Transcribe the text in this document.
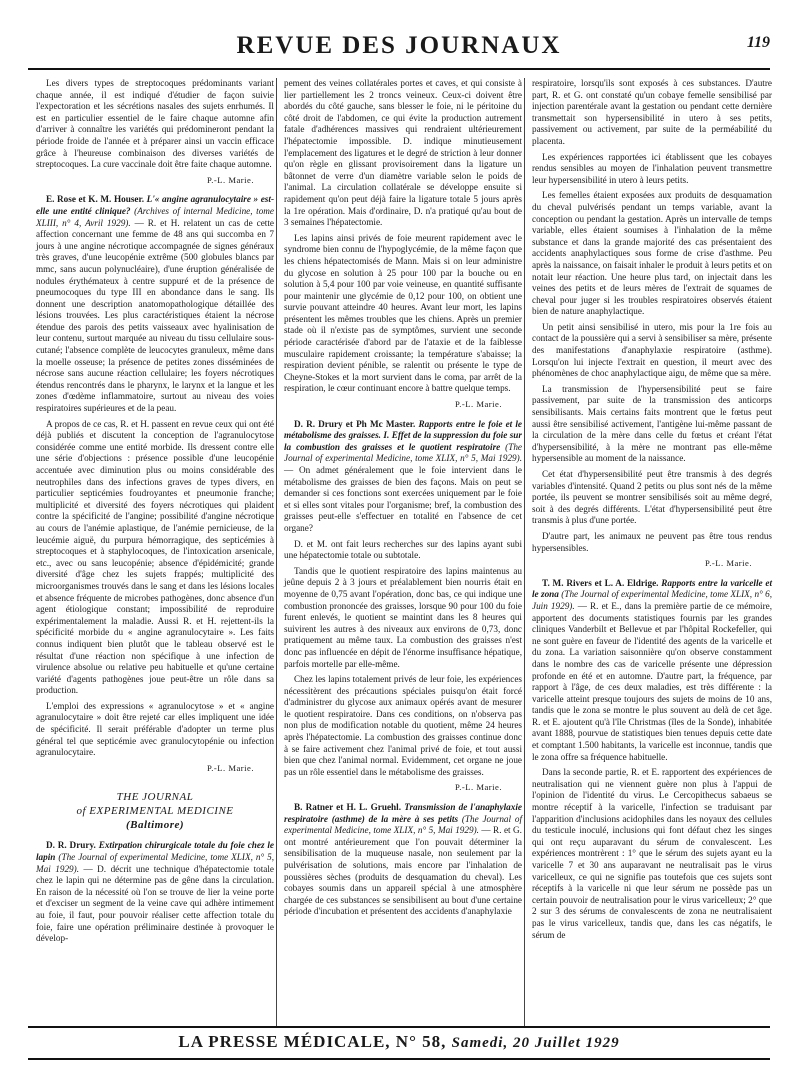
REVUE DES JOURNAUX	119

Les divers types de streptocoques prédominants variant chaque année, il est indiqué d'étudier de façon suivie l'expectoration et les sécrétions nasales des sujets enrhumés. Il est en particulier essentiel de le faire chaque automne afin d'arriver à connaître les variétés qui prédomineront pendant la période froide de l'année et à préparer ainsi un vaccin efficace grâce à l'heureuse combinaison des diverses variétés de streptocoques. La cure vaccinale doit être faite chaque automne.

P.-L. Marie.

E. Rose et K. M. Houser. L'« angine agranulocytaire » est-elle une entité clinique? (Archives of internal Medicine, tome XLIII, n° 4, Avril 1929). — R. et H. relatent un cas de cette affection concernant une femme de 48 ans qui succomba en 7 jours à une angine nécrotique accompagnée de signes généraux très graves, d'une leucopénie extrême (500 globules blancs par mmc, sans aucun polynucléaire), d'une éruption généralisée de nodules érythémateux à centre suppuré et de la présence de pneumocoques du type III en abondance dans le sang. Ils donnent une description anatomopathologique détaillée des lésions trouvées. Les plus caractéristiques étaient la nécrose étendue des parois des petits vaisseaux avec hyalinisation de leur contenu, surtout marquée au niveau du tissu cellulaire sous-cutané; l'absence complète de leucocytes granuleux, même dans la moelle osseuse; la présence de petites zones disséminées de nécrose sans aucune réaction cellulaire; les foyers nécrotiques étendus rencontrés dans le pharynx, le larynx et la langue et les zones d'œdème inflammatoire, surtout au niveau des voies respiratoires supérieures et de la peau.

A propos de ce cas, R. et H. passent en revue ceux qui ont été déjà publiés et discutent la conception de l'agranulocytose considérée comme une entité morbide. Ils dressent contre elle une série d'objections : présence possible d'une leucopénie accentuée avec diminution plus ou moins considérable des neutrophiles dans des infections graves de types divers, en particulier septicémies foudroyantes et pneumonie franche; multiplicité et diversité des foyers nécrotiques qui plaident contre la spécificité de l'angine; possibilité d'angine nécrotique au cours de l'anémie aplastique, de l'anémie pernicieuse, de la leucémie aiguë, du purpura hémorragique, des septicémies à streptocoques et à staphylocoques, de l'intoxication arsenicale, etc., avec ou sans leucopénie; absence d'épidémicité; grande diversité d'âge chez les sujets frappés; multiplicité des microorganismes trouvés dans le sang et dans les lésions locales et absence fréquente de microbes pathogènes, donc absence d'un agent étiologique constant; impossibilité de reproduire expérimentalement la maladie. Aussi R. et H. rejettent-ils la spécificité morbide du « angine agranulocytaire ». Les faits connus indiquent bien plutôt que le tableau observé est le résultat d'une réaction non spécifique à une infection de virulence absolue ou relative peu habituelle et qu'une certaine variété d'agents pathogènes joue peut-être un rôle dans sa production.

L'emploi des expressions « agranulocytose » et « angine agranulocytaire » doit être rejeté car elles impliquent une idée de spécificité. Il serait préférable d'adopter un terme plus général tel que septicémie avec granulocytopénie ou infection agranulocytaire.

P.-L. Marie.
THE JOURNAL
of EXPERIMENTAL MEDICINE
(Baltimore)

D. R. Drury. Extirpation chirurgicale totale du foie chez le lapin (The Journal of experimental Medicine, tome XLIX, n° 5, Mai 1929). — D. décrit une technique d'hépatectomie totale chez le lapin qui ne détermine pas de gêne dans la circulation. En raison de la nécessité où l'on se trouve de lier la veine porte et d'exciser un segment de la veine cave qui adhère intimement au foie, il faut, pour pouvoir réaliser cette affection totale du foie, faire une opération préliminaire destinée à provoquer le dévelop-

pement des veines collatérales portes et caves, et qui consiste à lier partiellement les 2 troncs veineux. Ceux-ci doivent être abordés du côté gauche, sans blesser le foie, ni le péritoine du côté droit de l'abdomen, ce qui évite la production autrement fatale d'adhérences massives qui rendraient ultérieurement l'hépatectomie impossible. D. indique minutieusement l'emplacement des ligatures et le degré de striction à leur donner qu'on règle en glissant provisoirement dans la ligature un bâtonnet de verre d'un diamètre variable selon le poids de l'animal. La circulation collatérale se développe ensuite si rapidement qu'on peut déjà faire la ligature totale 5 jours après la 1re opération. Mais d'ordinaire, D. n'a pratiqué qu'au bout de 3 semaines l'hépatectomie.

Les lapins ainsi privés de foie meurent rapidement avec le syndrome bien connu de l'hypoglycémie, de la même façon que les chiens hépatectomisés de Mann. Mais si on leur administre du glycose en solution à 25 pour 100 par la bouche ou en solution à 5,4 pour 100 par voie veineuse, en quantité suffisante pour maintenir une glycémie de 0,12 pour 100, on obtient une survie pouvant atteindre 40 heures. Avant leur mort, les lapins présentent les mêmes troubles que les chiens. Après un premier stade où il n'existe pas de symptômes, survient une seconde période caractérisée d'abord par de l'ataxie et de la faiblesse musculaire rapidement croissante; la température s'abaisse; la respiration devient pénible, se ralentit ou présente le type de Cheyne-Stokes et la mort survient dans le coma, par arrêt de la respiration, le cœur continuant encore à battre quelque temps.

P.-L. Marie.

D. R. Drury et Ph Mc Master. Rapports entre le foie et le métabolisme des graisses. I. Effet de la suppression du foie sur la combustion des graisses et le quotient respiratoire (The Journal of experimental Medicine, tome XLIX, n° 5, Mai 1929). — On admet généralement que le foie intervient dans le métabolisme des graisses de bien des façons. Mais on peut se demander si ces fonctions sont exercées uniquement par le foie et si elles sont vitales pour l'organisme; bref, la combustion des graisses peut-elle s'effectuer en totalité en l'absence de cet organe?

D. et M. ont fait leurs recherches sur des lapins ayant subi une hépatectomie totale ou subtotale.

Tandis que le quotient respiratoire des lapins maintenus au jeûne depuis 2 à 3 jours et préalablement bien nourris était en moyenne de 0,75 avant l'opération, donc bas, ce qui indique une combustion prononcée des graisses, lorsque 90 pour 100 du foie furent enlevés, le quotient se maintint dans les 8 heures qui suivirent les autres à des niveaux aux environs de 0,73, donc pratiquement au même taux. La combustion des graisses n'est donc pas influencée en dépit de l'énorme insuffisance hépatique, parfois mortelle par elle-même.

Chez les lapins totalement privés de leur foie, les expériences nécessitèrent des précautions spéciales puisqu'on était forcé d'administrer du glycose aux animaux opérés avant de mesurer le quotient respiratoire. Dans ces conditions, on n'observa pas non plus de modification notable du quotient, même 24 heures après l'hépatectomie. La combustion des graisses continue donc à se faire activement chez l'animal privé de foie, et tout aussi bien que chez l'animal normal. Evidemment, cet organe ne joue pas un rôle essentiel dans le métabolisme des graisses.

P.-L. Marie.

B. Ratner et H. L. Gruehl. Transmission de l'anaphylaxie respiratoire (asthme) de la mère à ses petits (The Journal of experimental Medicine, tome XLIX, n° 5, Mai 1929). — R. et G. ont montré antérieurement que l'on pouvait déterminer la sensibilisation de la muqueuse nasale, non seulement par la pulvérisation de solutions, mais encore par l'inhalation de poussières sèches (produits de desquamation du cheval). Les cobayes soumis dans un appareil spécial à une atmosphère chargée de ces substances se sensibilisent au bout d'une certaine période d'incubation et présentent des accidents d'anaphylaxie

respiratoire, lorsqu'ils sont exposés à ces substances. D'autre part, R. et G. ont constaté qu'un cobaye femelle sensibilisé par injection parentérale avant la gestation ou pendant cette dernière transmettait son hypersensibilité in utero à ses petits, passivement ou activement, par suite de la perméabilité du placenta.

Les expériences rapportées ici établissent que les cobayes rendus sensibles au moyen de l'inhalation peuvent transmettre leur hypersensibilité in utero à leurs petits.

Les femelles étaient exposées aux produits de desquamation du cheval pulvérisés pendant un temps variable, avant la conception ou pendant la gestation. Après un intervalle de temps variable, elles étaient soumises à l'inhalation de la même substance et dans la grande majorité des cas présentaient des accidents anaphylactiques sous forme de crise d'asthme. Peu après la naissance, on faisait inhaler le produit à leurs petits et on notait leur réaction. Une heure plus tard, on injectait dans les veines des petits et de leurs mères de l'extrait de squames de cheval pour juger si les troubles respiratoires observés étaient bien de nature anaphylactique.

Un petit ainsi sensibilisé in utero, mis pour la 1re fois au contact de la poussière qui a servi à sensibiliser sa mère, présente des manifestations d'anaphylaxie respiratoire (asthme). Lorsqu'on lui injecte l'extrait en question, il meurt avec des phénomènes de choc anaphylactique aigu, de même que sa mère.

La transmission de l'hypersensibilité peut se faire passivement, par suite de la transmission des anticorps sensibilisants. Mais certains faits montrent que le fœtus peut aussi être sensibilisé activement, l'antigène lui-même passant de la circulation de la mère dans celle du fœtus et créant l'état d'hypersensibilité, à la mère ne montrant pas elle-même hypersensible au moment de la naissance.

Cet état d'hypersensibilité peut être transmis à des degrés variables d'intensité. Quand 2 petits ou plus sont nés de la même portée, ils peuvent se montrer sensibilisés soit au même degré, soit à des degrés différents. L'état d'hypersensibilité peut être transmis à plus d'une portée.

D'autre part, les animaux ne peuvent pas être tous rendus hypersensibles.

P.-L. Marie.

T. M. Rivers et L. A. Eldrige. Rapports entre la varicelle et le zona (The Journal of experimental Medicine, tome XLIX, n° 6, Juin 1929). — R. et E., dans la première partie de ce mémoire, apportent des documents statistiques fournis par les grandes cliniques Vanderbilt et Bellevue et par l'hôpital Rockefeller, qui ne sont guère en faveur de l'identité des agents de la varicelle et du zona. La variation saisonnière qu'on observe constamment dans le nombre des cas de varicelle présente une dépression profonde en été et en automne. D'autre part, la fréquence, par rapport à l'âge, de ces deux maladies, est très différente : la varicelle atteint presque toujours des sujets de moins de 10 ans, tandis que le zona se montre le plus souvent au delà de cet âge. R. et E. ajoutent qu'à l'île Christmas (îles de la Sonde), inhabitée avant 1888, pourvue de statistiques bien tenues depuis cette date et comptant 1.500 habitants, la varicelle est inconnue, tandis que le zona offre sa fréquence habituelle.

Dans la seconde partie, R. et E. rapportent des expériences de neutralisation qui ne viennent guère non plus à l'appui de l'opinion de l'identité du virus. Le Cercopithecus sabaeus se montre réceptif à la varicelle, l'infection se traduisant par l'apparition d'inclusions acidophiles dans les noyaux des cellules du testicule inoculé, inclusions qui font défaut chez les singes qui ont reçu auparavant du sérum de convalescent. Les expériences montrèrent : 1° que le sérum des sujets ayant eu la varicelle 7 et 30 ans auparavant ne neutralisait pas le virus varicelleux, ce qui ne signifie pas toutefois que ces sujets sont réceptifs à la varicelle ni que leur sérum ne possède pas un certain pouvoir de neutralisation pour le virus varicelleux; 2° que 2 sur 3 des sérums de convalescents de zona ne neutralisaient pas le virus varicelleux, tandis que, dans les cas négatifs, le sérum de

LA PRESSE MÉDICALE, N° 58, Samedi, 20 Juillet 1929
